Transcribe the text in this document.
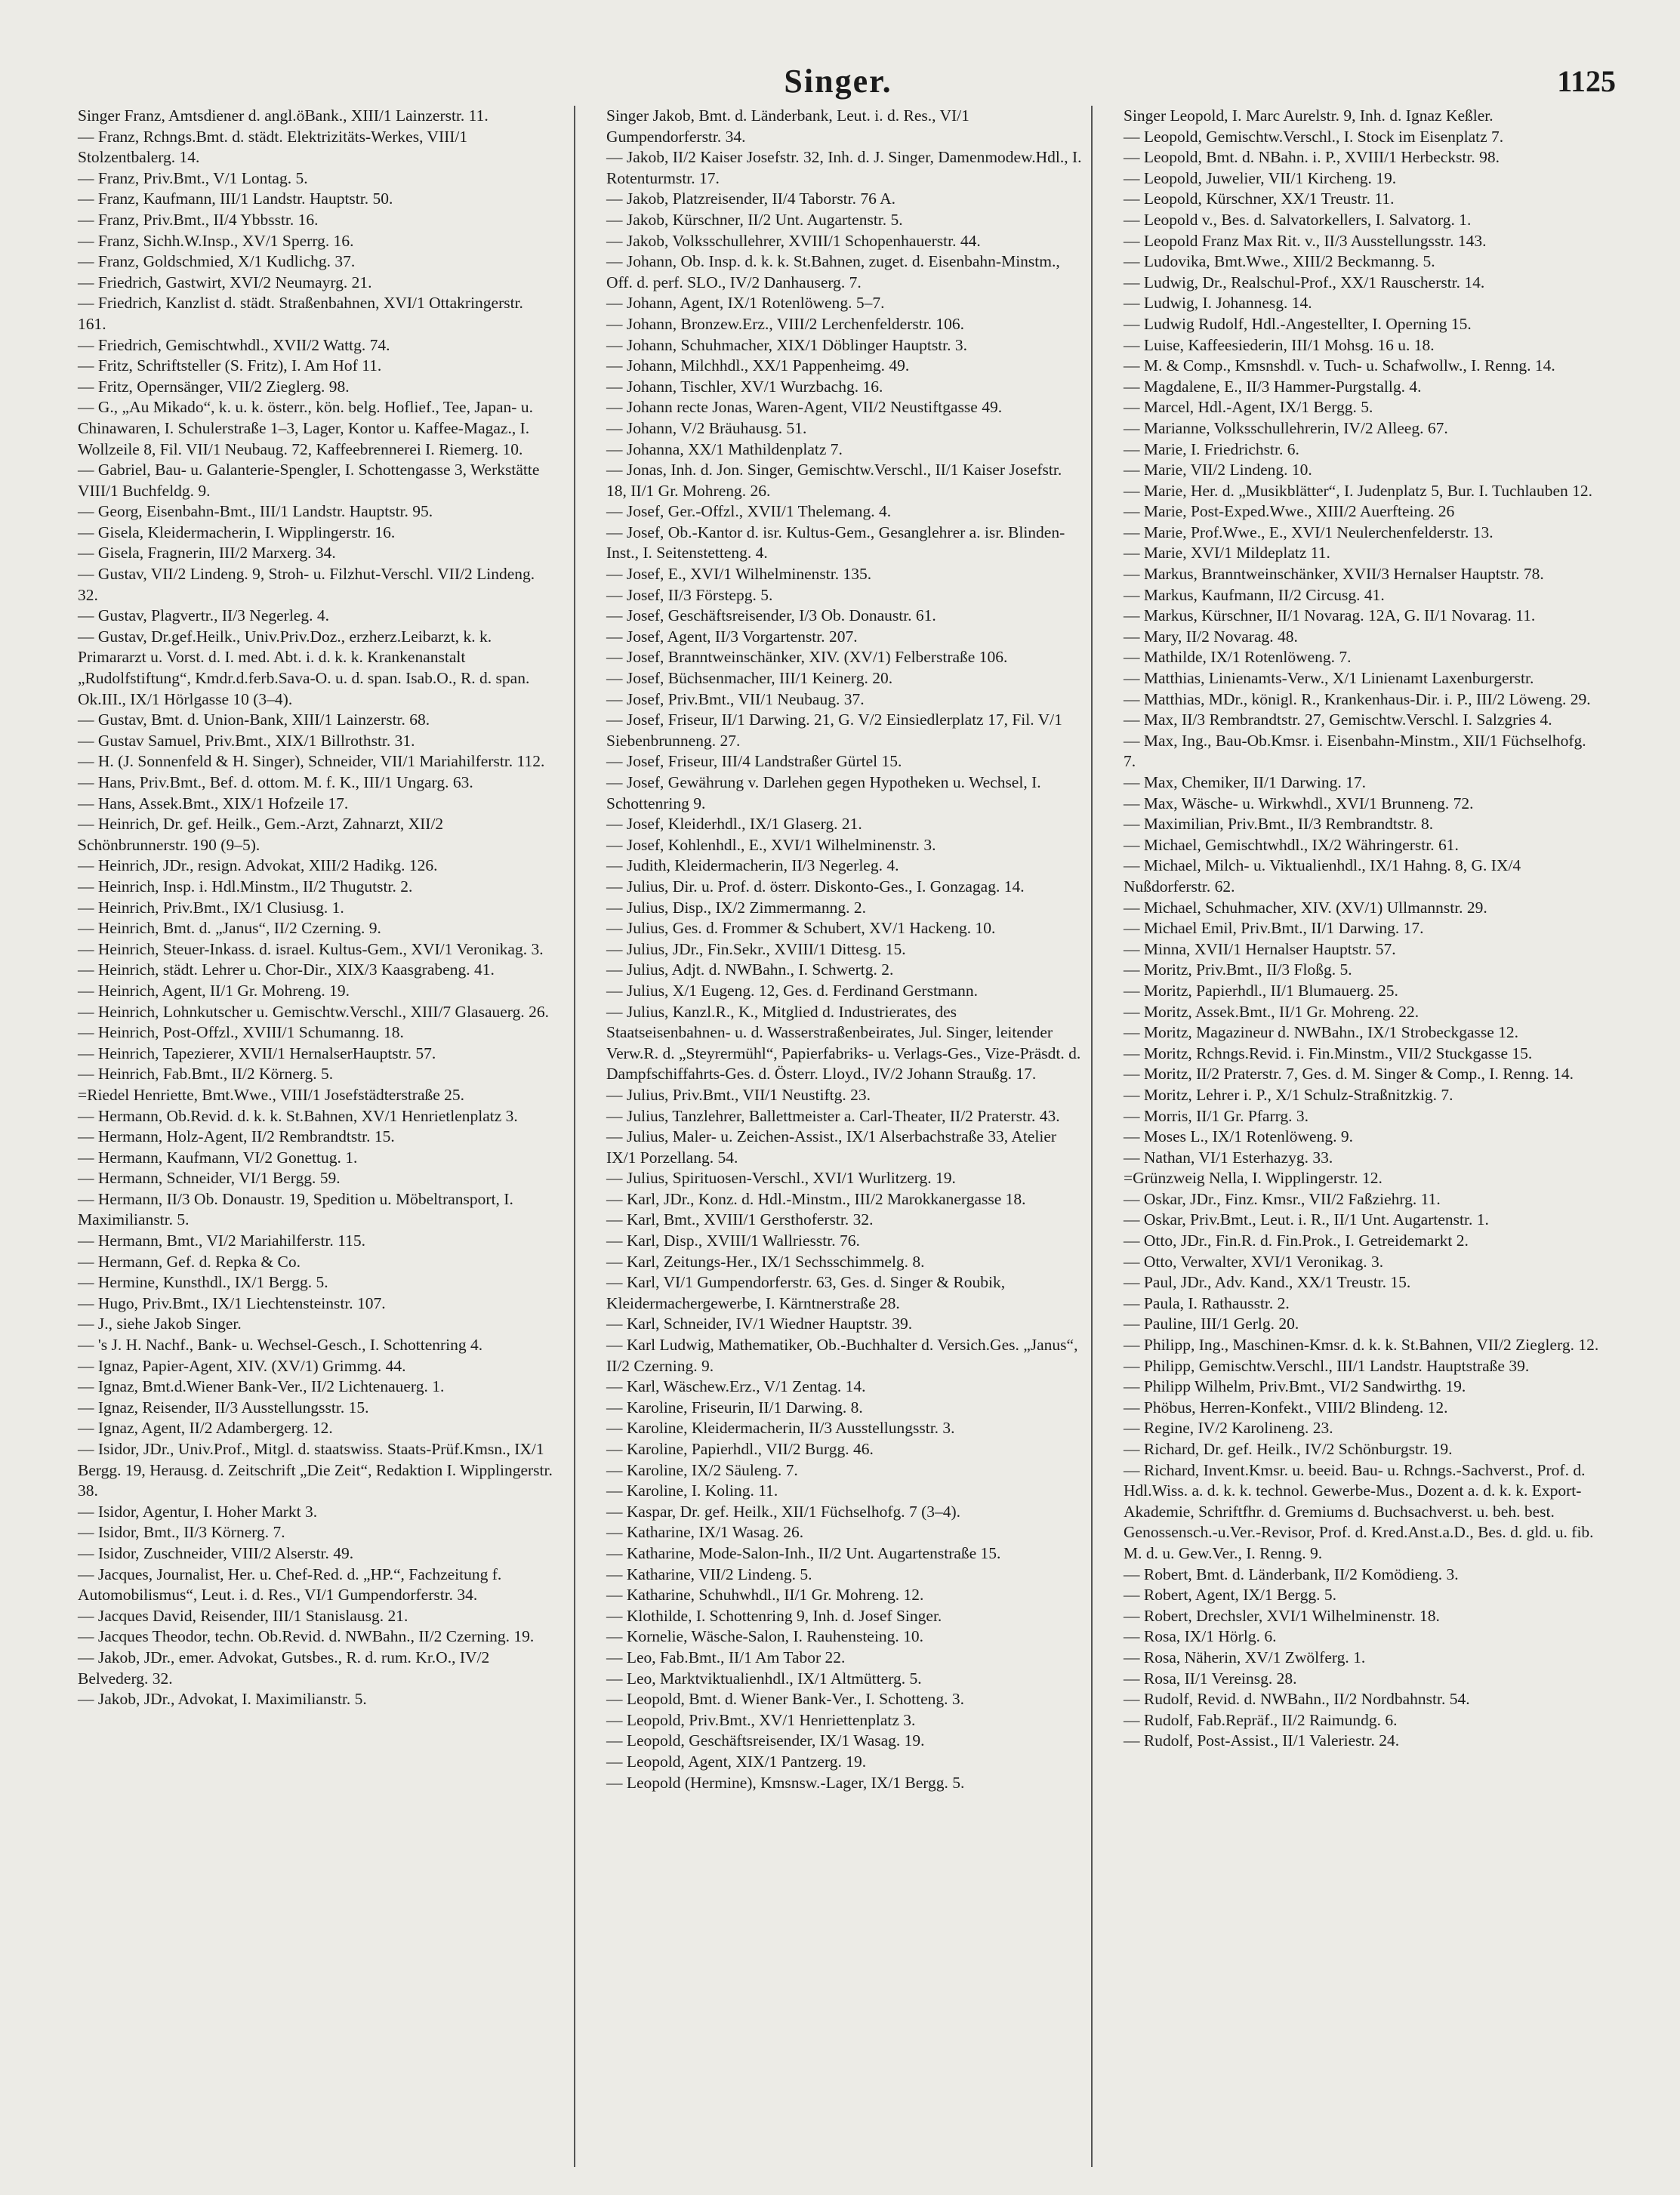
Singer.	1125

Singer Franz, Amtsdiener d. angl.öBank., XIII/1 Lainzerstr. 11.

— Franz, Rchngs.Bmt. d. städt. Elektrizitäts-Werkes, VIII/1 Stolzentbalerg. 14.

— Franz, Priv.Bmt., V/1 Lontag. 5.

— Franz, Kaufmann, III/1 Landstr. Hauptstr. 50.

— Franz, Priv.Bmt., II/4 Ybbsstr. 16.

— Franz, Sichh.W.Insp., XV/1 Sperrg. 16.

— Franz, Goldschmied, X/1 Kudlichg. 37.

— Friedrich, Gastwirt, XVI/2 Neumayrg. 21.

— Friedrich, Kanzlist d. städt. Straßenbahnen, XVI/1 Ottakringerstr. 161.

— Friedrich, Gemischtwhdl., XVII/2 Wattg. 74.

— Fritz, Schriftsteller (S. Fritz), I. Am Hof 11.

— Fritz, Opernsänger, VII/2 Zieglerg. 98.

— G., „Au Mikado“, k. u. k. österr., kön. belg. Hoflief., Tee, Japan- u. Chinawaren, I. Schulerstraße 1–3, Lager, Kontor u. Kaffee-Magaz., I. Wollzeile 8, Fil. VII/1 Neubaug. 72, Kaffeebrennerei I. Riemerg. 10.

— Gabriel, Bau- u. Galanterie-Spengler, I. Schottengasse 3, Werkstätte VIII/1 Buchfeldg. 9.

— Georg, Eisenbahn-Bmt., III/1 Landstr. Hauptstr. 95.

— Gisela, Kleidermacherin, I. Wipplingerstr. 16.

— Gisela, Fragnerin, III/2 Marxerg. 34.

— Gustav, VII/2 Lindeng. 9, Stroh- u. Filzhut-Verschl. VII/2 Lindeng. 32.

— Gustav, Plagvertr., II/3 Negerleg. 4.

— Gustav, Dr.gef.Heilk., Univ.Priv.Doz., erzherz.Leibarzt, k. k. Primararzt u. Vorst. d. I. med. Abt. i. d. k. k. Krankenanstalt „Rudolfstiftung“, Kmdr.d.ferb.Sava-O. u. d. span. Isab.O., R. d. span. Ok.III., IX/1 Hörlgasse 10 (3–4).

— Gustav, Bmt. d. Union-Bank, XIII/1 Lainzerstr. 68.

— Gustav Samuel, Priv.Bmt., XIX/1 Billrothstr. 31.

— H. (J. Sonnenfeld & H. Singer), Schneider, VII/1 Mariahilferstr. 112.

— Hans, Priv.Bmt., Bef. d. ottom. M. f. K., III/1 Ungarg. 63.

— Hans, Assek.Bmt., XIX/1 Hofzeile 17.

— Heinrich, Dr. gef. Heilk., Gem.-Arzt, Zahnarzt, XII/2 Schönbrunnerstr. 190 (9–5).

— Heinrich, JDr., resign. Advokat, XIII/2 Hadikg. 126.

— Heinrich, Insp. i. Hdl.Minstm., II/2 Thugutstr. 2.

— Heinrich, Priv.Bmt., IX/1 Clusiusg. 1.

— Heinrich, Bmt. d. „Janus“, II/2 Czerning. 9.

— Heinrich, Steuer-Inkass. d. israel. Kultus-Gem., XVI/1 Veronikag. 3.

— Heinrich, städt. Lehrer u. Chor-Dir., XIX/3 Kaasgrabeng. 41.

— Heinrich, Agent, II/1 Gr. Mohreng. 19.

— Heinrich, Lohnkutscher u. Gemischtw.Verschl., XIII/7 Glasauerg. 26.

— Heinrich, Post-Offzl., XVIII/1 Schumanng. 18.

— Heinrich, Tapezierer, XVII/1 HernalserHauptstr. 57.

— Heinrich, Fab.Bmt., II/2 Körnerg. 5.

=Riedel Henriette, Bmt.Wwe., VIII/1 Josefstädterstraße 25.

— Hermann, Ob.Revid. d. k. k. St.Bahnen, XV/1 Henrietlenplatz 3.

— Hermann, Holz-Agent, II/2 Rembrandtstr. 15.

— Hermann, Kaufmann, VI/2 Gonettug. 1.

— Hermann, Schneider, VI/1 Bergg. 59.

— Hermann, II/3 Ob. Donaustr. 19, Spedition u. Möbeltransport, I. Maximilianstr. 5.

— Hermann, Bmt., VI/2 Mariahilferstr. 115.

— Hermann, Gef. d. Repka & Co.

— Hermine, Kunsthdl., IX/1 Bergg. 5.

— Hugo, Priv.Bmt., IX/1 Liechtensteinstr. 107.

— J., siehe Jakob Singer.

— 's J. H. Nachf., Bank- u. Wechsel-Gesch., I. Schottenring 4.

— Ignaz, Papier-Agent, XIV. (XV/1) Grimmg. 44.

— Ignaz, Bmt.d.Wiener Bank-Ver., II/2 Lichtenauerg. 1.

— Ignaz, Reisender, II/3 Ausstellungsstr. 15.

— Ignaz, Agent, II/2 Adambergerg. 12.

— Isidor, JDr., Univ.Prof., Mitgl. d. staatswiss. Staats-Prüf.Kmsn., IX/1 Bergg. 19, Herausg. d. Zeitschrift „Die Zeit“, Redaktion I. Wipplingerstr. 38.

— Isidor, Agentur, I. Hoher Markt 3.

— Isidor, Bmt., II/3 Körnerg. 7.

— Isidor, Zuschneider, VIII/2 Alserstr. 49.

— Jacques, Journalist, Her. u. Chef-Red. d. „HP.“, Fachzeitung f. Automobilismus“, Leut. i. d. Res., VI/1 Gumpendorferstr. 34.

— Jacques David, Reisender, III/1 Stanislausg. 21.

— Jacques Theodor, techn. Ob.Revid. d. NWBahn., II/2 Czerning. 19.

— Jakob, JDr., emer. Advokat, Gutsbes., R. d. rum. Kr.O., IV/2 Belvederg. 32.

— Jakob, JDr., Advokat, I. Maximilianstr. 5.

Singer Jakob, Bmt. d. Länderbank, Leut. i. d. Res., VI/1 Gumpendorferstr. 34.

— Jakob, II/2 Kaiser Josefstr. 32, Inh. d. J. Singer, Damenmodew.Hdl., I. Rotenturmstr. 17.

— Jakob, Platzreisender, II/4 Taborstr. 76 A.

— Jakob, Kürschner, II/2 Unt. Augartenstr. 5.

— Jakob, Volksschullehrer, XVIII/1 Schopenhauerstr. 44.

— Johann, Ob. Insp. d. k. k. St.Bahnen, zuget. d. Eisenbahn-Minstm., Off. d. perf. SLO., IV/2 Danhauserg. 7.

— Johann, Agent, IX/1 Rotenlöweng. 5–7.

— Johann, Bronzew.Erz., VIII/2 Lerchenfelderstr. 106.

— Johann, Schuhmacher, XIX/1 Döblinger Hauptstr. 3.

— Johann, Milchhdl., XX/1 Pappenheimg. 49.

— Johann, Tischler, XV/1 Wurzbachg. 16.

— Johann recte Jonas, Waren-Agent, VII/2 Neustiftgasse 49.

— Johann, V/2 Bräuhausg. 51.

— Johanna, XX/1 Mathildenplatz 7.

— Jonas, Inh. d. Jon. Singer, Gemischtw.Verschl., II/1 Kaiser Josefstr. 18, II/1 Gr. Mohreng. 26.

— Josef, Ger.-Offzl., XVII/1 Thelemang. 4.

— Josef, Ob.-Kantor d. isr. Kultus-Gem., Gesanglehrer a. isr. Blinden-Inst., I. Seitenstetteng. 4.

— Josef, E., XVI/1 Wilhelminenstr. 135.

— Josef, II/3 Förstерg. 5.

— Josef, Geschäftsreisender, I/3 Ob. Donaustr. 61.

— Josef, Agent, II/3 Vorgartenstr. 207.

— Josef, Branntweinschänker, XIV. (XV/1) Felberstraße 106.

— Josef, Büchsenmacher, III/1 Keinerg. 20.

— Josef, Priv.Bmt., VII/1 Neubaug. 37.

— Josef, Friseur, II/1 Darwing. 21, G. V/2 Einsiedlerplatz 17, Fil. V/1 Siebenbrunneng. 27.

— Josef, Friseur, III/4 Landstraßer Gürtel 15.

— Josef, Gewährung v. Darlehen gegen Hypotheken u. Wechsel, I. Schottenring 9.

— Josef, Kleiderhdl., IX/1 Glaserg. 21.

— Josef, Kohlenhdl., E., XVI/1 Wilhelminenstr. 3.

— Judith, Kleidermacherin, II/3 Negerleg. 4.

— Julius, Dir. u. Prof. d. österr. Diskonto-Ges., I. Gonzagag. 14.

— Julius, Disp., IX/2 Zimmermanng. 2.

— Julius, Ges. d. Frommer & Schubert, XV/1 Hackeng. 10.

— Julius, JDr., Fin.Sekr., XVIII/1 Dittesg. 15.

— Julius, Adjt. d. NWBahn., I. Schwertg. 2.

— Julius, X/1 Eugeng. 12, Ges. d. Ferdinand Gerstmann.

— Julius, Kanzl.R., K., Mitglied d. Industrierates, des Staatseisenbahnen- u. d. Wasserstraßenbeirates, Jul. Singer, leitender Verw.R. d. „Steyrermühl“, Papierfabriks- u. Verlags-Ges., Vize-Präsdt. d. Dampfschiffahrts-Ges. d. Österr. Lloyd., IV/2 Johann Straußg. 17.

— Julius, Priv.Bmt., VII/1 Neustiftg. 23.

— Julius, Tanzlehrer, Ballettmeister a. Carl-Theater, II/2 Praterstr. 43.

— Julius, Maler- u. Zeichen-Assist., IX/1 Alserbachstraße 33, Atelier IX/1 Porzellang. 54.

— Julius, Spirituosen-Verschl., XVI/1 Wurlitzerg. 19.

— Karl, JDr., Konz. d. Hdl.-Minstm., III/2 Marokkanergasse 18.

— Karl, Bmt., XVIII/1 Gersthoferstr. 32.

— Karl, Disp., XVIII/1 Wallriesstr. 76.

— Karl, Zeitungs-Her., IX/1 Sechsschimmelg. 8.

— Karl, VI/1 Gumpendorferstr. 63, Ges. d. Singer & Roubik, Kleidermachergewerbe, I. Kärntnerstraße 28.

— Karl, Schneider, IV/1 Wiedner Hauptstr. 39.

— Karl Ludwig, Mathematiker, Ob.-Buchhalter d. Versich.Ges. „Janus“, II/2 Czerning. 9.

— Karl, Wäschew.Erz., V/1 Zentag. 14.

— Karoline, Friseurin, II/1 Darwing. 8.

— Karoline, Kleidermacherin, II/3 Ausstellungsstr. 3.

— Karoline, Papierhdl., VII/2 Burgg. 46.

— Karoline, IX/2 Säuleng. 7.

— Karoline, I. Koling. 11.

— Kaspar, Dr. gef. Heilk., XII/1 Füchselhofg. 7 (3–4).

— Katharine, IX/1 Wasag. 26.

— Katharine, Mode-Salon-Inh., II/2 Unt. Augartenstraße 15.

— Katharine, VII/2 Lindeng. 5.

— Katharine, Schuhwhdl., II/1 Gr. Mohreng. 12.

— Klothilde, I. Schottenring 9, Inh. d. Josef Singer.

— Kornelie, Wäsche-Salon, I. Rauhensteing. 10.

— Leo, Fab.Bmt., II/1 Am Tabor 22.

— Leo, Marktviktualienhdl., IX/1 Altmütterg. 5.

— Leopold, Bmt. d. Wiener Bank-Ver., I. Schotteng. 3.

— Leopold, Priv.Bmt., XV/1 Henriettenplatz 3.

— Leopold, Geschäftsreisender, IX/1 Wasag. 19.

— Leopold, Agent, XIX/1 Pantzerg. 19.

— Leopold (Hermine), Kmsnsw.-Lager, IX/1 Bergg. 5.

Singer Leopold, I. Marc Aurelstr. 9, Inh. d. Ignaz Keßler.

— Leopold, Gemischtw.Verschl., I. Stock im Eisenplatz 7.

— Leopold, Bmt. d. NBahn. i. P., XVIII/1 Herbeckstr. 98.

— Leopold, Juwelier, VII/1 Kircheng. 19.

— Leopold, Kürschner, XX/1 Treustr. 11.

— Leopold v., Bes. d. Salvatorkellers, I. Salvatorg. 1.

— Leopold Franz Max Rit. v., II/3 Ausstellungsstr. 143.

— Ludovika, Bmt.Wwe., XIII/2 Beckmanng. 5.

— Ludwig, Dr., Realschul-Prof., XX/1 Rauscherstr. 14.

— Ludwig, I. Johannesg. 14.

— Ludwig Rudolf, Hdl.-Angestellter, I. Operning 15.

— Luise, Kaffeesiederin, III/1 Mohsg. 16 u. 18.

— M. & Comp., Kmsnshdl. v. Tuch- u. Schafwollw., I. Renng. 14.

— Magdalene, E., II/3 Hammer-Purgstallg. 4.

— Marcel, Hdl.-Agent, IX/1 Bergg. 5.

— Marianne, Volksschullehrerin, IV/2 Alleeg. 67.

— Marie, I. Friedrichstr. 6.

— Marie, VII/2 Lindeng. 10.

— Marie, Her. d. „Musikblätter“, I. Judenplatz 5, Bur. I. Tuchlauben 12.

— Marie, Post-Exped.Wwe., XIII/2 Auerfteing. 26

— Marie, Prof.Wwe., E., XVI/1 Neulerchenfelderstr. 13.

— Marie, XVI/1 Mildeplatz 11.

— Markus, Branntweinschänker, XVII/3 Hernalser Hauptstr. 78.

— Markus, Kaufmann, II/2 Circusg. 41.

— Markus, Kürschner, II/1 Novarag. 12A, G. II/1 Novarag. 11.

— Mary, II/2 Novarag. 48.

— Mathilde, IX/1 Rotenlöweng. 7.

— Matthias, Linienamts-Verw., X/1 Linienamt Laxenburgerstr.

— Matthias, MDr., königl. R., Krankenhaus-Dir. i. P., III/2 Löweng. 29.

— Max, II/3 Rembrandtstr. 27, Gemischtw.Verschl. I. Salzgries 4.

— Max, Ing., Bau-Ob.Kmsr. i. Eisenbahn-Minstm., XII/1 Füchselhofg. 7.

— Max, Chemiker, II/1 Darwing. 17.

— Max, Wäsche- u. Wirkwhdl., XVI/1 Brunneng. 72.

— Maximilian, Priv.Bmt., II/3 Rembrandtstr. 8.

— Michael, Gemischtwhdl., IX/2 Währingerstr. 61.

— Michael, Milch- u. Viktualienhdl., IX/1 Hahng. 8, G. IX/4 Nußdorferstr. 62.

— Michael, Schuhmacher, XIV. (XV/1) Ullmannstr. 29.

— Michael Emil, Priv.Bmt., II/1 Darwing. 17.

— Minna, XVII/1 Hernalser Hauptstr. 57.

— Moritz, Priv.Bmt., II/3 Floßg. 5.

— Moritz, Papierhdl., II/1 Blumauerg. 25.

— Moritz, Assek.Bmt., II/1 Gr. Mohreng. 22.

— Moritz, Magazineur d. NWBahn., IX/1 Strobeckgasse 12.

— Moritz, Rchngs.Revid. i. Fin.Minstm., VII/2 Stuckgasse 15.

— Moritz, II/2 Praterstr. 7, Ges. d. M. Singer & Comp., I. Renng. 14.

— Moritz, Lehrer i. P., X/1 Schulz-Straßnitzkig. 7.

— Morris, II/1 Gr. Pfarrg. 3.

— Moses L., IX/1 Rotenlöweng. 9.

— Nathan, VI/1 Esterhazyg. 33.

=Grünzweig Nella, I. Wipplingerstr. 12.

— Oskar, JDr., Finz. Kmsr., VII/2 Faßziehrg. 11.

— Oskar, Priv.Bmt., Leut. i. R., II/1 Unt. Augartenstr. 1.

— Otto, JDr., Fin.R. d. Fin.Prok., I. Getreidemarkt 2.

— Otto, Verwalter, XVI/1 Veronikag. 3.

— Paul, JDr., Adv. Kand., XX/1 Treustr. 15.

— Paula, I. Rathausstr. 2.

— Pauline, III/1 Gerlg. 20.

— Philipp, Ing., Maschinen-Kmsr. d. k. k. St.Bahnen, VII/2 Zieglerg. 12.

— Philipp, Gemischtw.Verschl., III/1 Landstr. Hauptstraße 39.

— Philipp Wilhelm, Priv.Bmt., VI/2 Sandwirthg. 19.

— Phöbus, Herren-Konfekt., VIII/2 Blindeng. 12.

— Regine, IV/2 Karolineng. 23.

— Richard, Dr. gef. Heilk., IV/2 Schönburgstr. 19.

— Richard, Invent.Kmsr. u. beeid. Bau- u. Rchngs.-Sachverst., Prof. d. Hdl.Wiss. a. d. k. k. technol. Gewerbe-Mus., Dozent a. d. k. k. Export-Akademie, Schriftfhr. d. Gremiums d. Buchsachverst. u. beh. best. Genossensch.-u.Ver.-Revisor, Prof. d. Kred.Anst.a.D., Bes. d. gld. u. fib. M. d. u. Gew.Ver., I. Renng. 9.

— Robert, Bmt. d. Länderbank, II/2 Komödieng. 3.

— Robert, Agent, IX/1 Bergg. 5.

— Robert, Drechsler, XVI/1 Wilhelminenstr. 18.

— Rosa, IX/1 Hörlg. 6.

— Rosa, Näherin, XV/1 Zwölferg. 1.

— Rosa, II/1 Vereinsg. 28.

— Rudolf, Revid. d. NWBahn., II/2 Nordbahnstr. 54.

— Rudolf, Fab.Repräf., II/2 Raimundg. 6.

— Rudolf, Post-Assist., II/1 Valeriestr. 24.
